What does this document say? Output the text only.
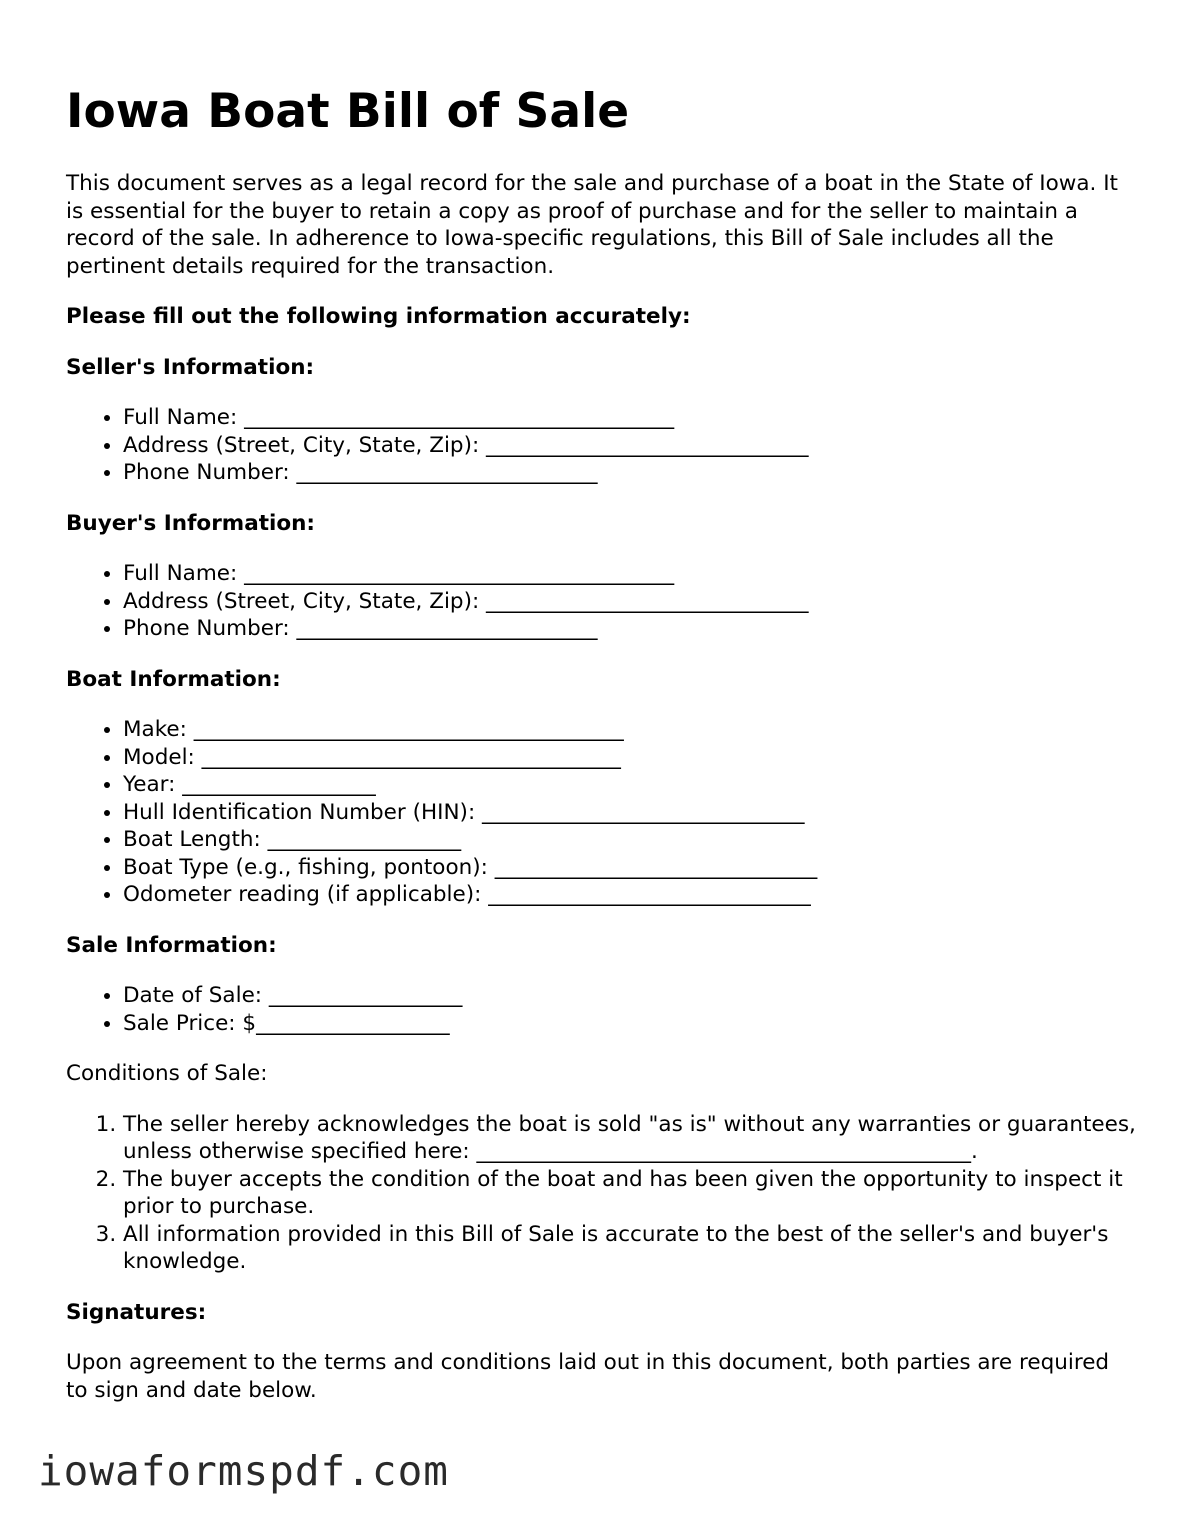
Iowa Boat Bill of Sale

This document serves as a legal record for the sale and purchase of a boat in the State of Iowa. It is essential for the buyer to retain a copy as proof of purchase and for the seller to maintain a record of the sale. In adherence to Iowa-specific regulations, this Bill of Sale includes all the pertinent details required for the transaction.

Please fill out the following information accurately:

Seller's Information:

• Full Name: ________________________________________
• Address (Street, City, State, Zip): ______________________________
• Phone Number: ____________________________

Buyer's Information:

• Full Name: ________________________________________
• Address (Street, City, State, Zip): ______________________________
• Phone Number: ____________________________

Boat Information:

• Make: ________________________________________
• Model: _______________________________________
• Year: __________________
• Hull Identification Number (HIN): ______________________________
• Boat Length: __________________
• Boat Type (e.g., fishing, pontoon): ______________________________
• Odometer reading (if applicable): ______________________________

Sale Information:

• Date of Sale: __________________
• Sale Price: $__________________

Conditions of Sale:

1. The seller hereby acknowledges the boat is sold "as is" without any warranties or guarantees, unless otherwise specified here: ______________________________________________.
2. The buyer accepts the condition of the boat and has been given the opportunity to inspect it prior to purchase.
3. All information provided in this Bill of Sale is accurate to the best of the seller's and buyer's knowledge.

Signatures:

Upon agreement to the terms and conditions laid out in this document, both parties are required to sign and date below.

iowaformspdf.com
